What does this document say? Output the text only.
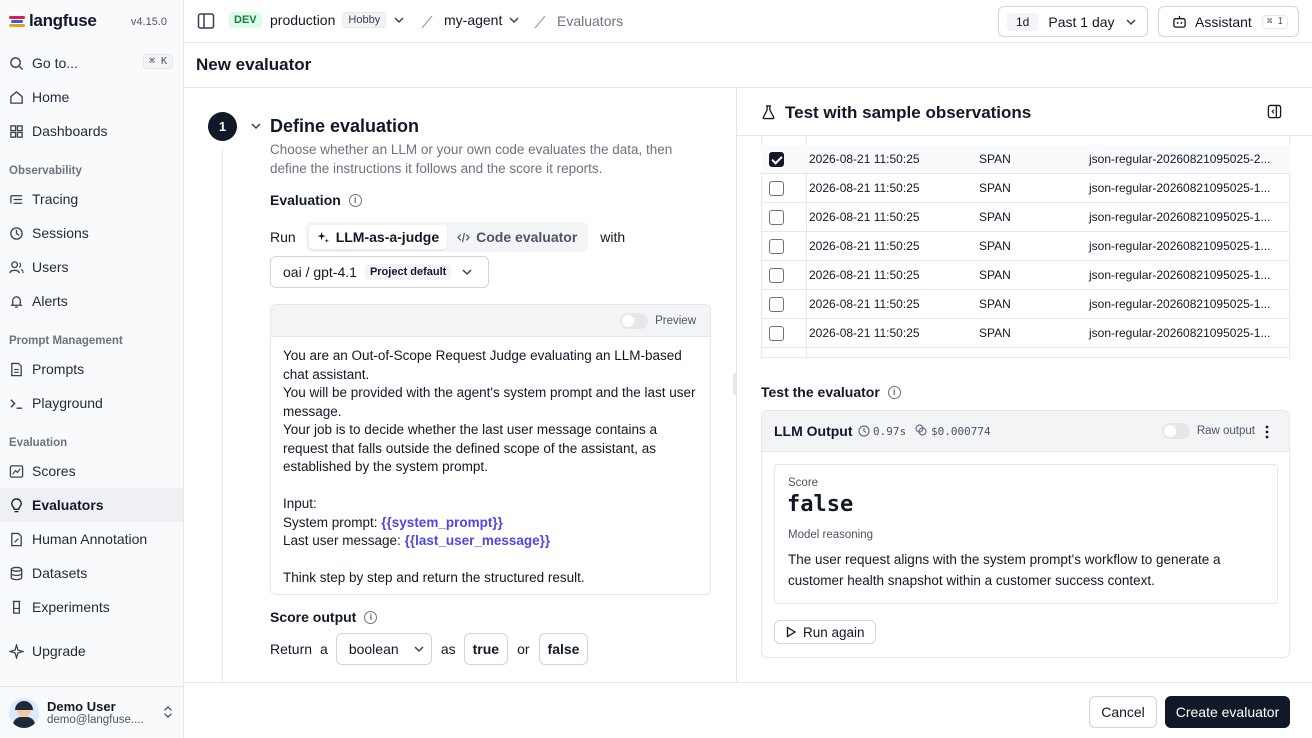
langfuse	v4.15.0
Go to...	⌘ K
Home
Dashboards
Observability
Tracing
Sessions
Users
Alerts
Prompt Management
Prompts
Playground
Evaluation
Scores
Evaluators
Human Annotation
Datasets
Experiments
Upgrade
Demo User
demo@langfuse....
DEV production	Hobby	my-agent	Evaluators	1d	Past 1 day	Assistant	⌘ I
New evaluator
1	Define evaluation
Choose whether an LLM or your own code evaluates the data, then define the instructions it follows and the score it reports.
Evaluation	i
Run	LLM-as-a-judge	Code evaluator with
oai / gpt-4.1	Project default
Preview
You are an Out-of-Scope Request Judge evaluating an LLM-based chat assistant.
You will be provided with the agent's system prompt and the last user message.
Your job is to decide whether the last user message contains a request that falls outside the defined scope of the assistant, as established by the system prompt.
Input:
System prompt: {{system_prompt}}
Last user message: {{last_user_message}}
Think step by step and return the structured result.
Score output	i
Return a boolean	as true or false
Test with sample observations
2026-08-21 11:50:25	SPAN	json-regular-20260821095025-2...
2026-08-21 11:50:25	SPAN	json-regular-20260821095025-1...
2026-08-21 11:50:25	SPAN	json-regular-20260821095025-1...
2026-08-21 11:50:25	SPAN	json-regular-20260821095025-1...
2026-08-21 11:50:25	SPAN	json-regular-20260821095025-1...
2026-08-21 11:50:25	SPAN	json-regular-20260821095025-1...
2026-08-21 11:50:25	SPAN	json-regular-20260821095025-1...
Test the evaluator	i
LLM Output 0.97s $0.000774	Raw output
Score
false
Model reasoning
The user request aligns with the system prompt's workflow to generate a customer health snapshot within a customer success context.
Run again
Cancel	Create evaluator
